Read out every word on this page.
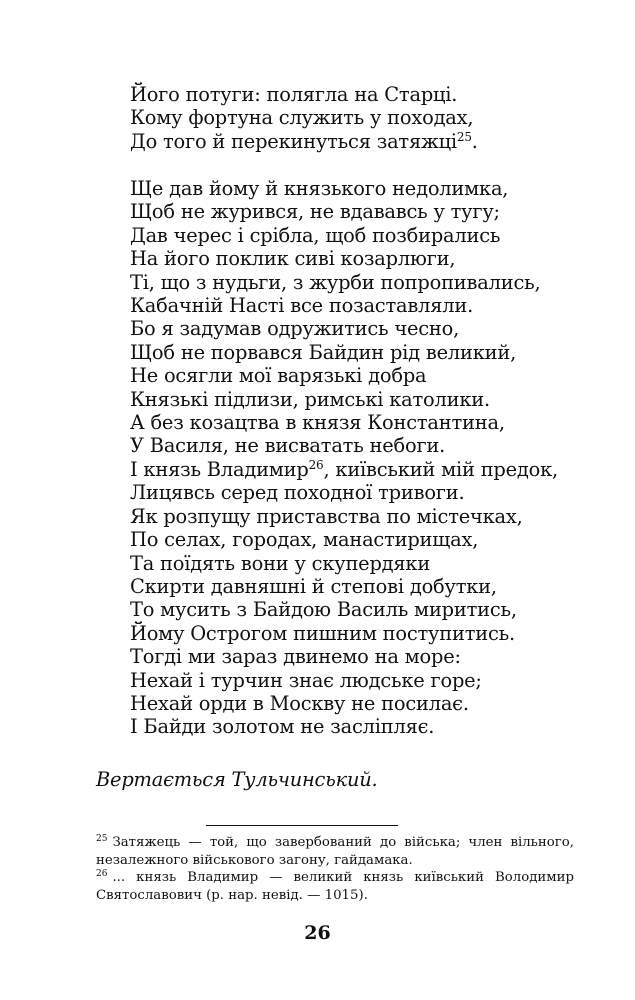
Його потуги: полягла на Старці.
Кому фортуна служить у походах,
До того й перекинуться затяжці$^{25}$.
Ще дав йому й князького недолимка,
Щоб не журився, не вдававсь у тугу;
Дав черес і срібла, щоб позбирались
На його поклик сиві козарлюги,
Ті, що з нудьги, з журби попропивались,
Кабачній Насті все позаставляли.
Бо я задумав одружитись чесно,
Щоб не порвався Байдин рід великий,
Не осягли мої варязькі добра
Князькі підлизи, римські католики.
А без козацтва в князя Константина,
У Василя, не висватать небоги.
І князь Владимир$^{26}$, київський мій предок,
Лицявсь серед походної тривоги.
Як розпущу приставства по містечках,
По селах, городах, манастирищах,
Та поїдять вони у скупердяки
Скирти давняшні й степові добутки,
То мусить з Байдою Василь миритись,
Йому Острогом пишним поступитись.
Тогді ми зараз двинемо на море:
Нехай і турчин знає людське горе;
Нехай орди в Москву не посилає.
І Байди золотом не засліпляє.

Вертається Тульчинський.

$^{25}$ Затяжець — той, що завербований до війська; член вільного, незалежного військового загону, гайдамака.

$^{26}$ ... князь Владимир — великий князь київський Володимир Святославович (р. нар. невід. — 1015).

26
